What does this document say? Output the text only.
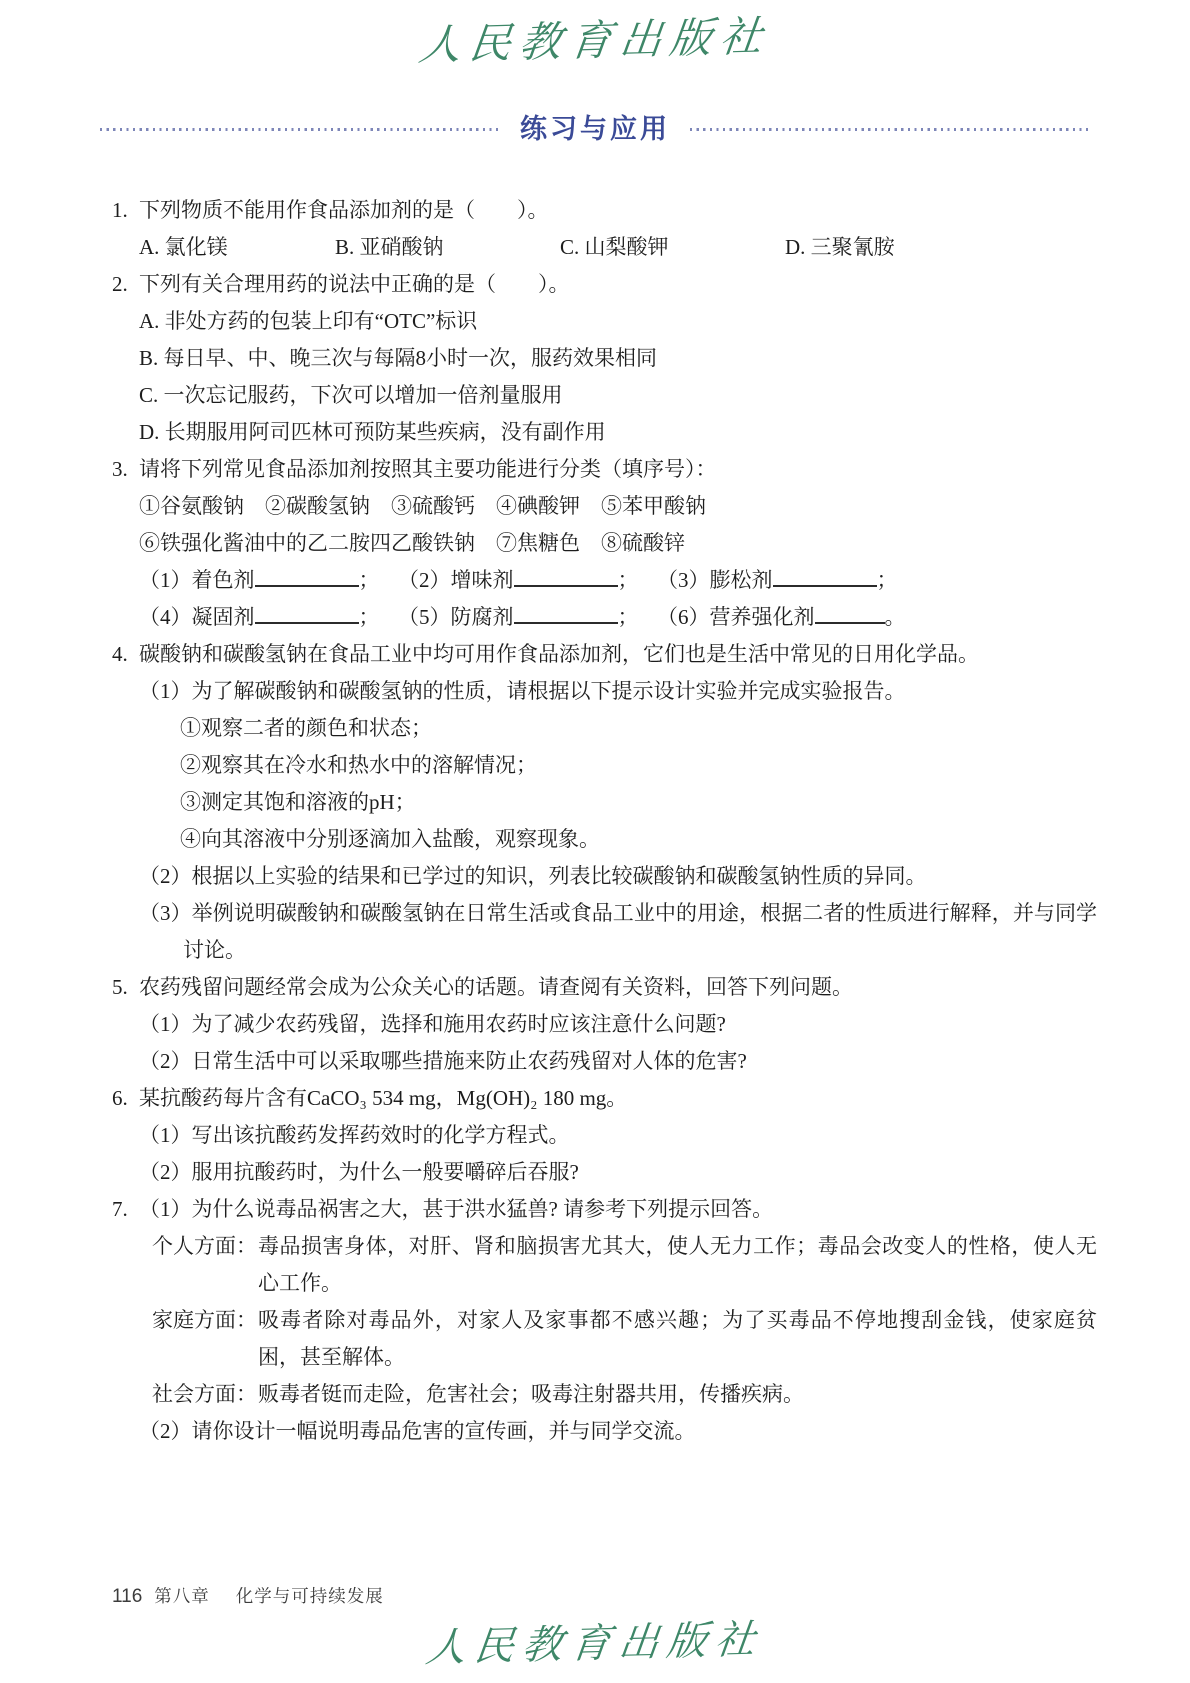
人民教育出版社
练习与应用
1. 下列物质不能用作食品添加剂的是（　　）。
A. 氯化镁	B. 亚硝酸钠	C. 山梨酸钾	D. 三聚氰胺
2. 下列有关合理用药的说法中正确的是（　　）。
A. 非处方药的包装上印有“OTC”标识
B. 每日早、中、晚三次与每隔8小时一次，服药效果相同
C. 一次忘记服药，下次可以增加一倍剂量服用
D. 长期服用阿司匹林可预防某些疾病，没有副作用
3. 请将下列常见食品添加剂按照其主要功能进行分类（填序号）：
①谷氨酸钠　②碳酸氢钠　③硫酸钙　④碘酸钾　⑤苯甲酸钠
⑥铁强化酱油中的乙二胺四乙酸铁钠　⑦焦糖色　⑧硫酸锌
（1）着色剂	； （2）增味剂	； （3）膨松剂	；
（4）凝固剂	； （5）防腐剂	； （6）营养强化剂	。
4. 碳酸钠和碳酸氢钠在食品工业中均可用作食品添加剂，它们也是生活中常见的日用化学品。
（1）为了解碳酸钠和碳酸氢钠的性质，请根据以下提示设计实验并完成实验报告。
①观察二者的颜色和状态；
②观察其在冷水和热水中的溶解情况；
③测定其饱和溶液的pH；
④向其溶液中分别逐滴加入盐酸，观察现象。
（2）根据以上实验的结果和已学过的知识，列表比较碳酸钠和碳酸氢钠性质的异同。
（3）举例说明碳酸钠和碳酸氢钠在日常生活或食品工业中的用途，根据二者的性质进行解释，并与同学讨论。
5. 农药残留问题经常会成为公众关心的话题。请查阅有关资料，回答下列问题。
（1）为了减少农药残留，选择和施用农药时应该注意什么问题?
（2）日常生活中可以采取哪些措施来防止农药残留对人体的危害?
6. 某抗酸药每片含有CaCO₃ 534 mg，Mg(OH)₂ 180 mg。
（1）写出该抗酸药发挥药效时的化学方程式。
（2）服用抗酸药时，为什么一般要嚼碎后吞服?
7. （1）为什么说毒品祸害之大，甚于洪水猛兽? 请参考下列提示回答。
个人方面： 毒品损害身体，对肝、肾和脑损害尤其大，使人无力工作；毒品会改变人的性格，使人无心工作。
家庭方面： 吸毒者除对毒品外，对家人及家事都不感兴趣；为了买毒品不停地搜刮金钱，使家庭贫困，甚至解体。
社会方面： 贩毒者铤而走险，危害社会；吸毒注射器共用，传播疾病。
（2）请你设计一幅说明毒品危害的宣传画，并与同学交流。
116 第八章 化学与可持续发展
人民教育出版社
